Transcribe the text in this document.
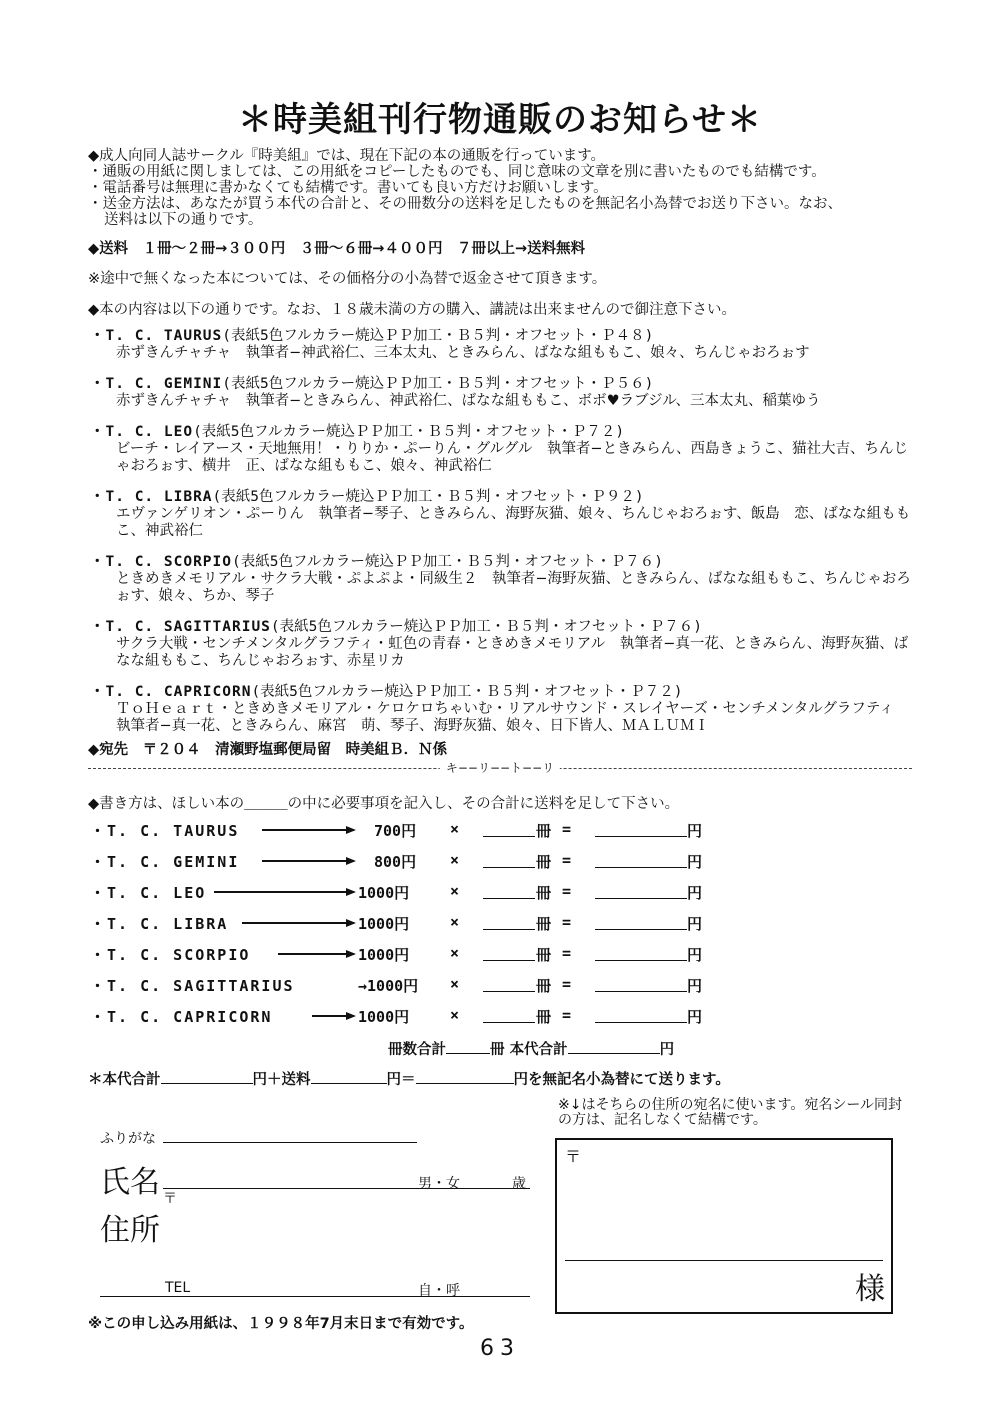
＊時美組刊行物通販のお知らせ＊

◆成人向同人誌サークル『時美組』では、現在下記の本の通販を行っています。

・通販の用紙に関しましては、この用紙をコピーしたものでも、同じ意味の文章を別に書いたものでも結構です。

・電話番号は無理に書かなくても結構です。書いても良い方だけお願いします。

・送金方法は、あなたが買う本代の合計と、その冊数分の送料を足したものを無記名小為替でお送り下さい。なお、

送料は以下の通りです。

◆送料　１冊〜２冊→３００円　３冊〜６冊→４００円　７冊以上→送料無料
※途中で無くなった本については、その価格分の小為替で返金させて頂きます。
◆本の内容は以下の通りです。なお、１８歳未満の方の購入、講読は出来ませんので御注意下さい。
・T. C. TAURUS(表紙5色フルカラー焼込ＰＰ加工・Ｂ５判・オフセット・Ｐ４８)
赤ずきんチャチャ　執筆者−神武裕仁、三本太丸、ときみらん、ばなな組ももこ、娘々、ちんじゃおろぉす
・T. C. GEMINI(表紙5色フルカラー焼込ＰＰ加工・Ｂ５判・オフセット・Ｐ５６)
赤ずきんチャチャ　執筆者−ときみらん、神武裕仁、ばなな組ももこ、ボボ♥ラブジル、三本太丸、稲葉ゆう
・T. C. LEO(表紙5色フルカラー焼込ＰＰ加工・Ｂ５判・オフセット・Ｐ７２)
ビーチ・レイアース・天地無用！・りりか・ぷーりん・グルグル　執筆者−ときみらん、西島きょうこ、猫社大吉、ちんじゃおろぉす、横井　正、ばなな組ももこ、娘々、神武裕仁
・T. C. LIBRA(表紙5色フルカラー焼込ＰＰ加工・Ｂ５判・オフセット・Ｐ９２)
エヴァンゲリオン・ぷーりん　執筆者−琴子、ときみらん、海野灰猫、娘々、ちんじゃおろぉす、飯島　恋、ばなな組ももこ、神武裕仁
・T. C. SCORPIO(表紙5色フルカラー焼込ＰＰ加工・Ｂ５判・オフセット・Ｐ７６)
ときめきメモリアル・サクラ大戦・ぷよぷよ・同級生２　執筆者−海野灰猫、ときみらん、ばなな組ももこ、ちんじゃおろぉす、娘々、ちか、琴子
・T. C. SAGITTARIUS(表紙5色フルカラー焼込ＰＰ加工・Ｂ５判・オフセット・Ｐ７６)
サクラ大戦・センチメンタルグラフティ・虹色の青春・ときめきメモリアル　執筆者−真一花、ときみらん、海野灰猫、ばなな組ももこ、ちんじゃおろぉす、赤星リカ
・T. C. CAPRICORN(表紙5色フルカラー焼込ＰＰ加工・Ｂ５判・オフセット・Ｐ７２)
ＴｏＨｅａｒｔ・ときめきメモリアル・ケロケロちゃいむ・リアルサウンド・スレイヤーズ・センチメンタルグラフティ　執筆者−真一花、ときみらん、麻宮　萌、琴子、海野灰猫、娘々、日下皆人、ＭＡＬＵＭＩ
◆宛先　〒２０４　清瀬野塩郵便局留　時美組Ｂ．Ｎ係
キ−−リ−−ト−−リ
◆書き方は、ほしい本の＿＿＿の中に必要事項を記入し、その合計に送料を足して下さい。
・T. C. TAURUS	700円 ×	冊 =	円
・T. C. GEMINI	800円 ×	冊 =	円
・T. C. LEO	1000円	×	冊 =	円
・T. C. LIBRA	1000円	×	冊 =	円
・T. C. SCORPIO	1000円	×	冊 =	円
・T. C. SAGITTARIUS	→1000円 ×	冊 =	円
・T. C. CAPRICORN	1000円	×	冊 =	円
冊数合計	冊 本代合計	円
＊本代合計	円＋送料	円＝	円を無記名小為替にて送ります。
※↓はそちらの住所の宛名に使います。宛名シール同封の方は、記名しなくて結構です。
ふりがな
氏名	男・女	歳
〒
住所
TEL	自・呼
〒
様
※この申し込み用紙は、１９９８年7月末日まで有効です。
63
